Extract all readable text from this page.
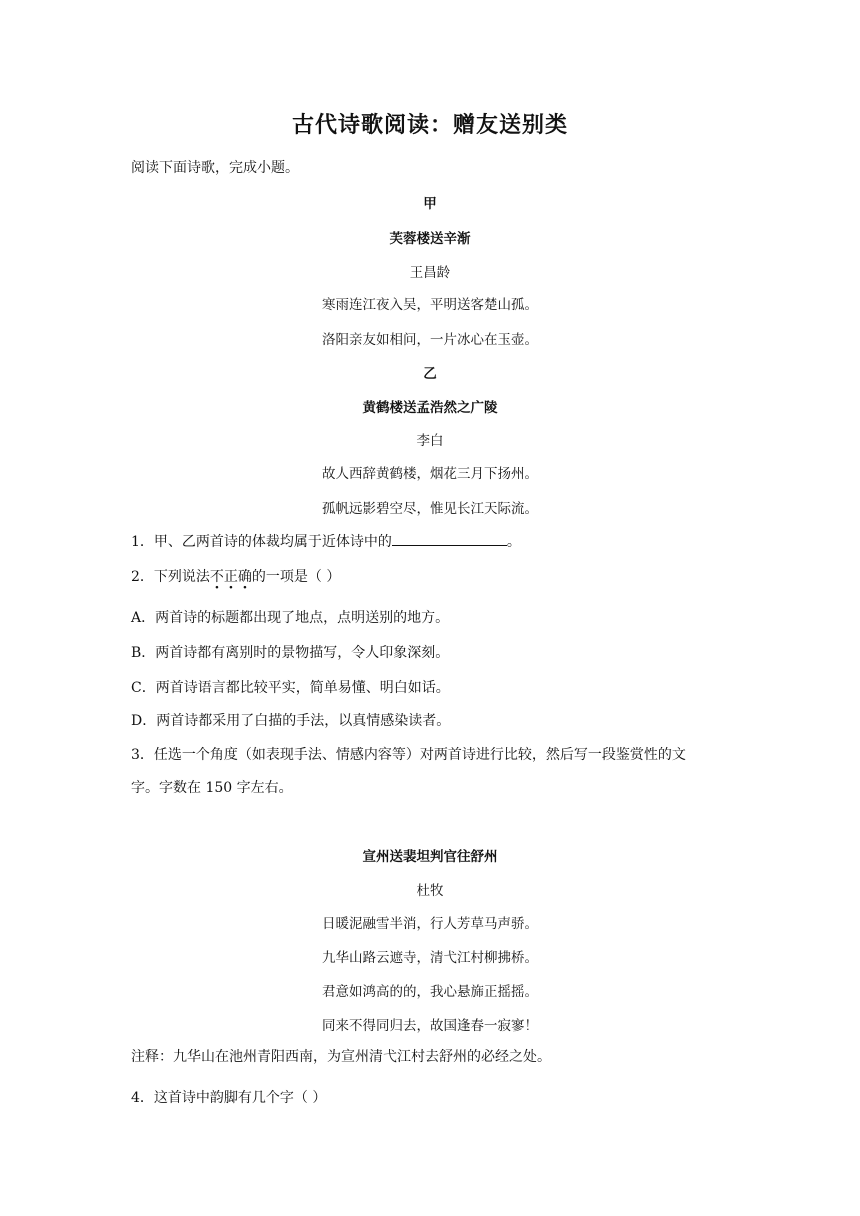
古代诗歌阅读：赠友送别类
阅读下面诗歌，完成小题。
甲
芙蓉楼送辛渐
王昌龄
寒雨连江夜入吴，平明送客楚山孤。
洛阳亲友如相问，一片冰心在玉壶。
乙
黄鹤楼送孟浩然之广陵
李白
故人西辞黄鹤楼，烟花三月下扬州。
孤帆远影碧空尽，惟见长江天际流。
1．甲、乙两首诗的体裁均属于近体诗中的	。
2．下列说法不正确的一项是（ ）
A．两首诗的标题都出现了地点，点明送别的地方。
B．两首诗都有离别时的景物描写，令人印象深刻。
C．两首诗语言都比较平实，简单易懂、明白如话。
D．两首诗都采用了白描的手法，以真情感染读者。
3．任选一个角度（如表现手法、情感内容等）对两首诗进行比较，然后写一段鉴赏性的文
字。字数在 150 字左右。
宣州送裴坦判官往舒州
杜牧
日暖泥融雪半消，行人芳草马声骄。
九华山路云遮寺，清弋江村柳拂桥。
君意如鸿高的的，我心悬旆正摇摇。
同来不得同归去，故国逢春一寂寥！
注释：九华山在池州青阳西南，为宣州清弋江村去舒州的必经之处。
4．这首诗中韵脚有几个字（ ）
